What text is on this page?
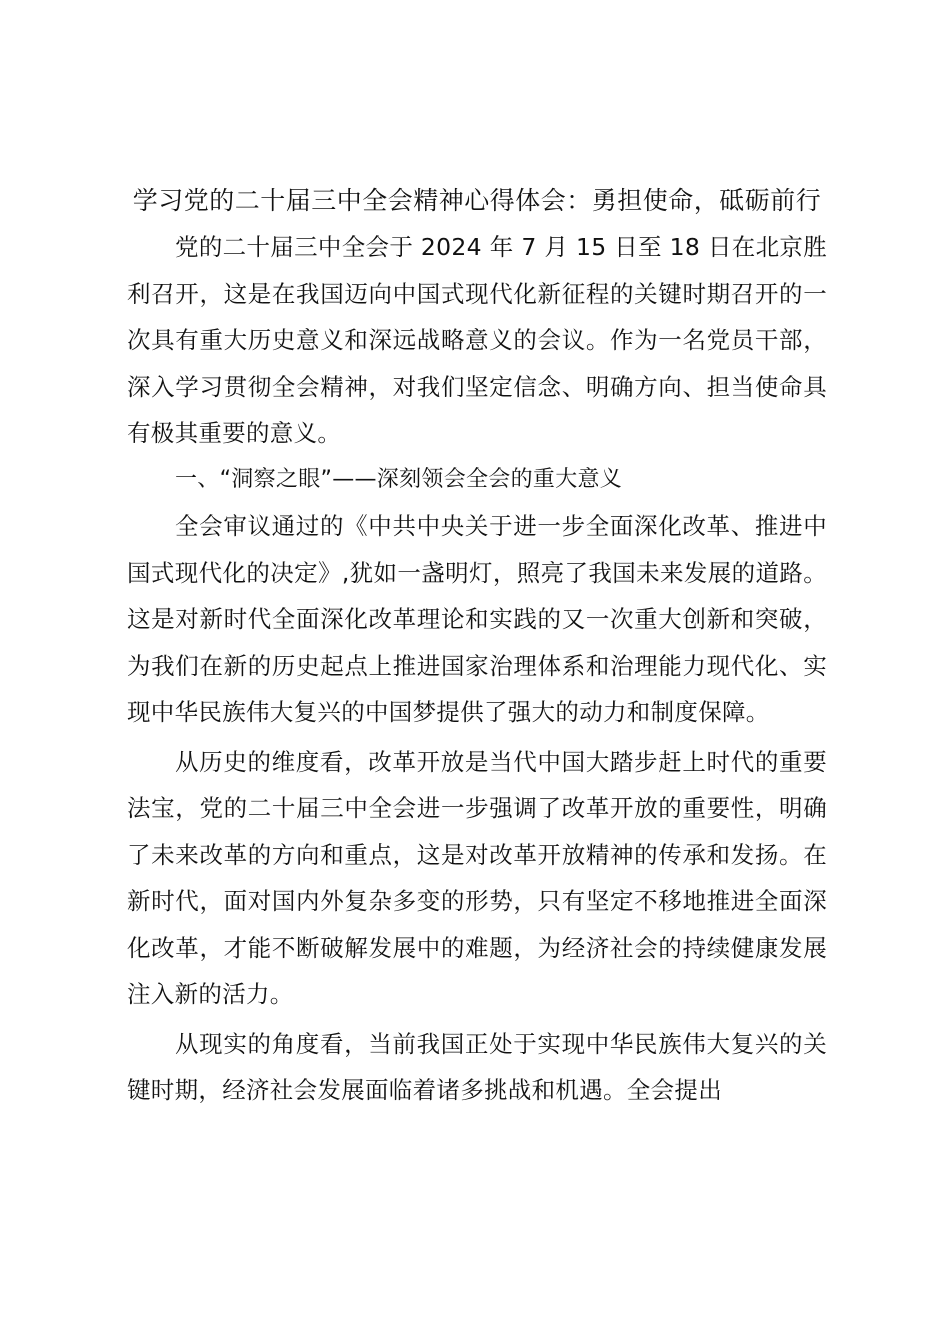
学习党的二十届三中全会精神心得体会：勇担使命，砥砺前行

党的二十届三中全会于 2024 年 7 月 15 日至 18 日在北京胜利召开，这是在我国迈向中国式现代化新征程的关键时期召开的一次具有重大历史意义和深远战略意义的会议。作为一名党员干部，深入学习贯彻全会精神，对我们坚定信念、明确方向、担当使命具有极其重要的意义。

一、“洞察之眼”——深刻领会全会的重大意义

全会审议通过的《中共中央关于进一步全面深化改革、推进中国式现代化的决定》,犹如一盏明灯，照亮了我国未来发展的道路。这是对新时代全面深化改革理论和实践的又一次重大创新和突破，为我们在新的历史起点上推进国家治理体系和治理能力现代化、实现中华民族伟大复兴的中国梦提供了强大的动力和制度保障。

从历史的维度看，改革开放是当代中国大踏步赶上时代的重要法宝，党的二十届三中全会进一步强调了改革开放的重要性，明确了未来改革的方向和重点，这是对改革开放精神的传承和发扬。在新时代，面对国内外复杂多变的形势，只有坚定不移地推进全面深化改革，才能不断破解发展中的难题，为经济社会的持续健康发展注入新的活力。

从现实的角度看，当前我国正处于实现中华民族伟大复兴的关键时期，经济社会发展面临着诸多挑战和机遇。全会提出
